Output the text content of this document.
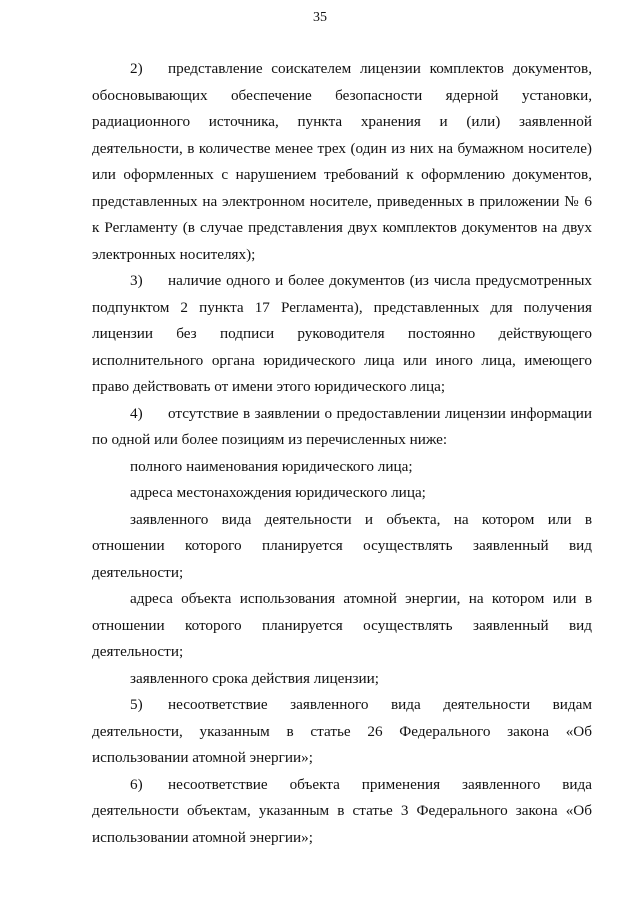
35

2) представление соискателем лицензии комплектов документов, обосновывающих обеспечение безопасности ядерной установки, радиационного источника, пункта хранения и (или) заявленной деятельности, в количестве менее трех (один из них на бумажном носителе) или оформленных с нарушением требований к оформлению документов, представленных на электронном носителе, приведенных в приложении № 6 к Регламенту (в случае представления двух комплектов документов на двух электронных носителях);

3) наличие одного и более документов (из числа предусмотренных подпунктом 2 пункта 17 Регламента), представленных для получения лицензии без подписи руководителя постоянно действующего исполнительного органа юридического лица или иного лица, имеющего право действовать от имени этого юридического лица;

4) отсутствие в заявлении о предоставлении лицензии информации по одной или более позициям из перечисленных ниже:

полного наименования юридического лица;

адреса местонахождения юридического лица;

заявленного вида деятельности и объекта, на котором или в отношении которого планируется осуществлять заявленный вид деятельности;

адреса объекта использования атомной энергии, на котором или в отношении которого планируется осуществлять заявленный вид деятельности;

заявленного срока действия лицензии;

5) несоответствие заявленного вида деятельности видам деятельности, указанным в статье 26 Федерального закона «Об использовании атомной энергии»;

6) несоответствие объекта применения заявленного вида деятельности объектам, указанным в статье 3 Федерального закона «Об использовании атомной энергии»;
